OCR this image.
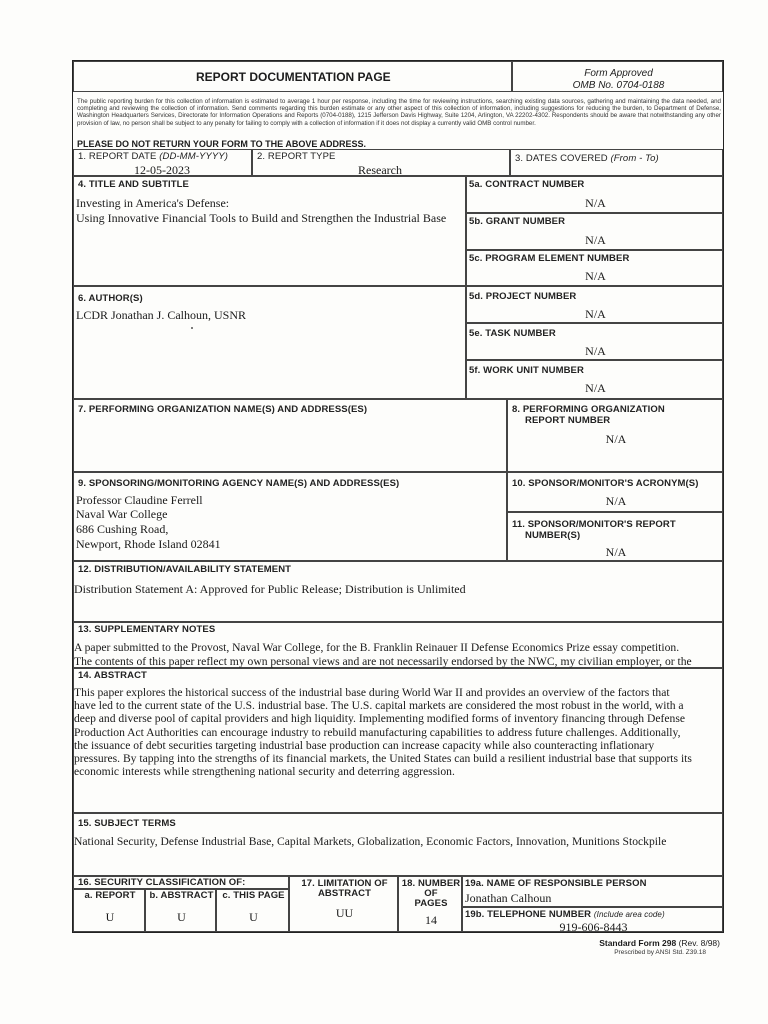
REPORT DOCUMENTATION PAGE	Form Approved
OMB No. 0704-0188
The public reporting burden for this collection of information is estimated to average 1 hour per response, including the time for reviewing instructions, searching existing data sources, gathering and maintaining the data needed, and completing and reviewing the collection of information. Send comments regarding this burden estimate or any other aspect of this collection of information, including suggestions for reducing the burden, to Department of Defense, Washington Headquarters Services, Directorate for Information Operations and Reports (0704-0188), 1215 Jefferson Davis Highway, Suite 1204, Arlington, VA 22202-4302. Respondents should be aware that notwithstanding any other provision of law, no person shall be subject to any penalty for failing to comply with a collection of information if it does not display a currently valid OMB control number.
PLEASE DO NOT RETURN YOUR FORM TO THE ABOVE ADDRESS.
1. REPORT DATE (DD-MM-YYYY)
12-05-2023
2. REPORT TYPE
Research
3. DATES COVERED (From - To)
4. TITLE AND SUBTITLE
Investing in America's Defense:
Using Innovative Financial Tools to Build and Strengthen the Industrial Base
5a. CONTRACT NUMBER
N/A
5b. GRANT NUMBER
N/A
5c. PROGRAM ELEMENT NUMBER
N/A
6. AUTHOR(S)
LCDR Jonathan J. Calhoun, USNR
5d. PROJECT NUMBER
N/A
5e. TASK NUMBER
N/A
5f. WORK UNIT NUMBER
N/A
7. PERFORMING ORGANIZATION NAME(S) AND ADDRESS(ES)	8. PERFORMING ORGANIZATION
REPORT NUMBER
N/A
9. SPONSORING/MONITORING AGENCY NAME(S) AND ADDRESS(ES)
Professor Claudine Ferrell
Naval War College
686 Cushing Road,
Newport, Rhode Island 02841
10. SPONSOR/MONITOR'S ACRONYM(S)
N/A
11. SPONSOR/MONITOR'S REPORT
NUMBER(S)
N/A
12. DISTRIBUTION/AVAILABILITY STATEMENT
Distribution Statement A: Approved for Public Release; Distribution is Unlimited
13. SUPPLEMENTARY NOTES
A paper submitted to the Provost, Naval War College, for the B. Franklin Reinauer II Defense Economics Prize essay competition.
The contents of this paper reflect my own personal views and are not necessarily endorsed by the NWC, my civilian employer, or the
14. ABSTRACT
This paper explores the historical success of the industrial base during World War II and provides an overview of the factors that
have led to the current state of the U.S. industrial base. The U.S. capital markets are considered the most robust in the world, with a
deep and diverse pool of capital providers and high liquidity. Implementing modified forms of inventory financing through Defense
Production Act Authorities can encourage industry to rebuild manufacturing capabilities to address future challenges. Additionally,
the issuance of debt securities targeting industrial base production can increase capacity while also counteracting inflationary
pressures. By tapping into the strengths of its financial markets, the United States can build a resilient industrial base that supports its
economic interests while strengthening national security and deterring aggression.
15. SUBJECT TERMS
National Security, Defense Industrial Base, Capital Markets, Globalization, Economic Factors, Innovation, Munitions Stockpile
16. SECURITY CLASSIFICATION OF:
a. REPORT
U
b. ABSTRACT
U
c. THIS PAGE
U
17. LIMITATION OF
ABSTRACT
UU
18. NUMBER
OF
PAGES
14
19a. NAME OF RESPONSIBLE PERSON
Jonathan Calhoun
19b. TELEPHONE NUMBER (Include area code)
919-606-8443
Standard Form 298 (Rev. 8/98)
Prescribed by ANSI Std. Z39.18
